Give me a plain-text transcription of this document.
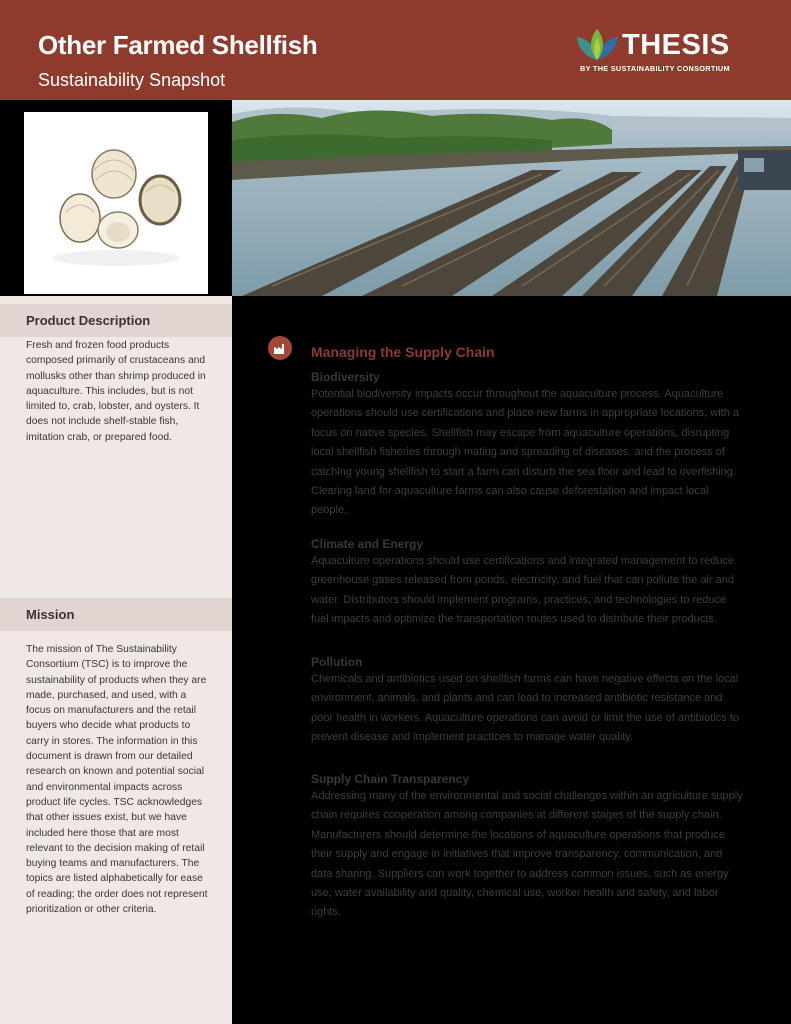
Other Farmed Shellfish
Sustainability Snapshot
THESIS
BY THE SUSTAINABILITY CONSORTIUM
Product Description
Fresh and frozen food products composed primarily of crustaceans and mollusks other than shrimp produced in aquaculture. This includes, but is not limited to, crab, lobster, and oysters. It does not include shelf-stable fish, imitation crab, or prepared food.
Mission
The mission of The Sustainability Consortium (TSC) is to improve the sustainability of products when they are made, purchased, and used, with a focus on manufacturers and the retail buyers who decide what products to carry in stores. The information in this document is drawn from our detailed research on known and potential social and environmental impacts across product life cycles. TSC acknowledges that other issues exist, but we have included here those that are most relevant to the decision making of retail buying teams and manufacturers. The topics are listed alphabetically for ease of reading; the order does not represent prioritization or other criteria.
Managing the Supply Chain
Biodiversity
Potential biodiversity impacts occur throughout the aquaculture process. Aquaculture operations should use certifications and place new farms in appropriate locations, with a focus on native species. Shellfish may escape from aquaculture operations, disrupting local shellfish fisheries through mating and spreading of diseases, and the process of catching young shellfish to start a farm can disturb the sea floor and lead to overfishing. Clearing land for aquaculture farms can also cause deforestation and impact local people.
Climate and Energy
Aquaculture operations should use certifications and integrated management to reduce greenhouse gases released from ponds, electricity, and fuel that can pollute the air and water. Distributors should implement programs, practices, and technologies to reduce fuel impacts and optimize the transportation routes used to distribute their products.
Pollution
Chemicals and antibiotics used on shellfish farms can have negative effects on the local environment, animals, and plants and can lead to increased antibiotic resistance and poor health in workers. Aquaculture operations can avoid or limit the use of antibiotics to prevent disease and implement practices to manage water quality.
Supply Chain Transparency
Addressing many of the environmental and social challenges within an agriculture supply chain requires cooperation among companies at different stages of the supply chain. Manufacturers should determine the locations of aquaculture operations that produce their supply and engage in initiatives that improve transparency, communication, and data sharing. Suppliers can work together to address common issues, such as energy use, water availability and quality, chemical use, worker health and safety, and labor rights.
